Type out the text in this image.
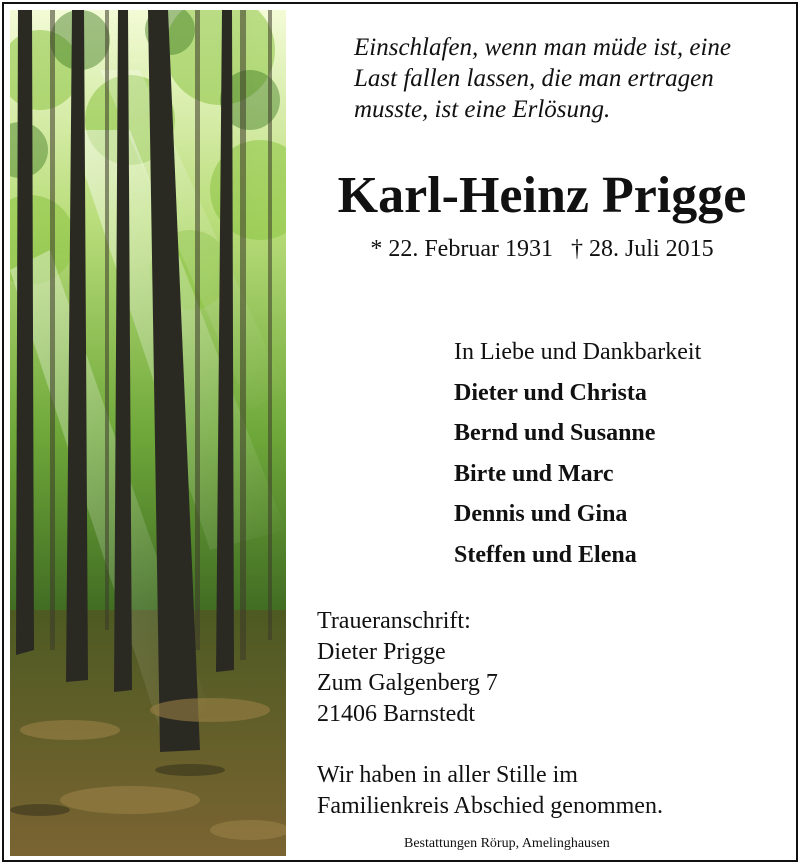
Einschlafen, wenn man müde ist, eine
Last fallen lassen, die man ertragen
musste, ist eine Erlösung.
Karl-Heinz Prigge
* 22. Februar 1931 † 28. Juli 2015
In Liebe und Dankbarkeit
Dieter und Christa
Bernd und Susanne
Birte und Marc
Dennis und Gina
Steffen und Elena
Traueranschrift:
Dieter Prigge
Zum Galgenberg 7
21406 Barnstedt
Wir haben in aller Stille im
Familienkreis Abschied genommen.
Bestattungen Rörup, Amelinghausen
